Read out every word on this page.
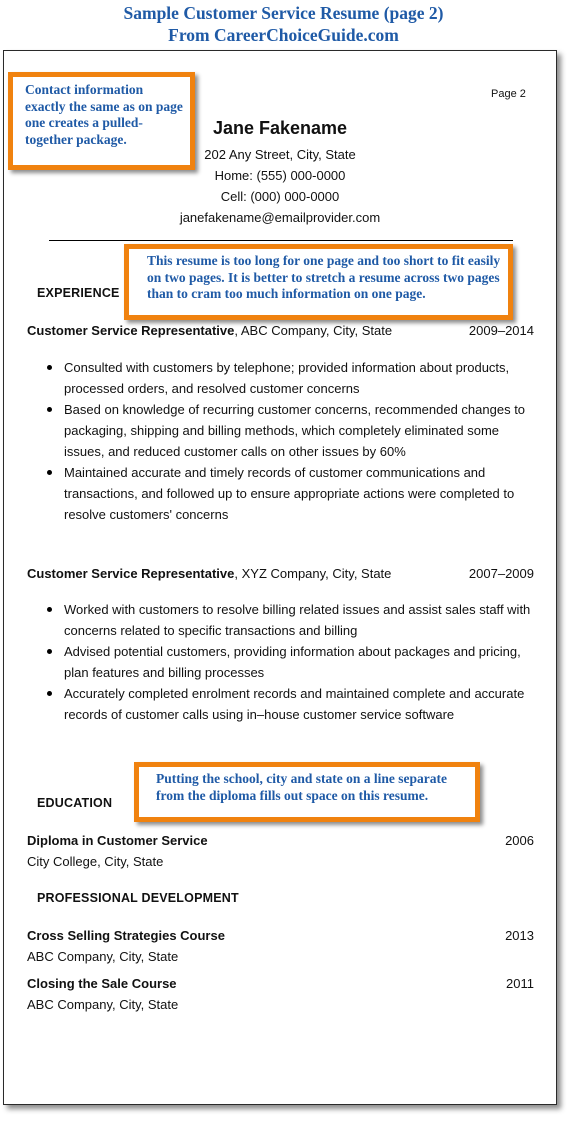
Sample Customer Service Resume (page 2)
From CareerChoiceGuide.com
Page 2
Jane Fakename
202 Any Street, City, State
Home: (555) 000-0000
Cell: (000) 000-0000
janefakename@emailprovider.com
EXPERIENCE
Customer Service Representative, ABC Company, City, State	2009–2014
Consulted with customers by telephone; provided information about products, processed orders, and resolved customer concerns
Based on knowledge of recurring customer concerns, recommended changes to packaging, shipping and billing methods, which completely eliminated some issues, and reduced customer calls on other issues by 60%
Maintained accurate and timely records of customer communications and transactions, and followed up to ensure appropriate actions were completed to resolve customers' concerns
Customer Service Representative, XYZ Company, City, State	2007–2009
Worked with customers to resolve billing related issues and assist sales staff with concerns related to specific transactions and billing
Advised potential customers, providing information about packages and pricing, plan features and billing processes
Accurately completed enrolment records and maintained complete and accurate records of customer calls using in–house customer service software
EDUCATION
Diploma in Customer Service	2006
City College, City, State
PROFESSIONAL DEVELOPMENT
Cross Selling Strategies Course	2013
ABC Company, City, State
Closing the Sale Course	2011
ABC Company, City, State
Contact information exactly the same as on page one creates a pulled-together package.
This resume is too long for one page and too short to fit easily on two pages. It is better to stretch a resume across two pages than to cram too much information on one page.
Putting the school, city and state on a line separate from the diploma fills out space on this resume.
